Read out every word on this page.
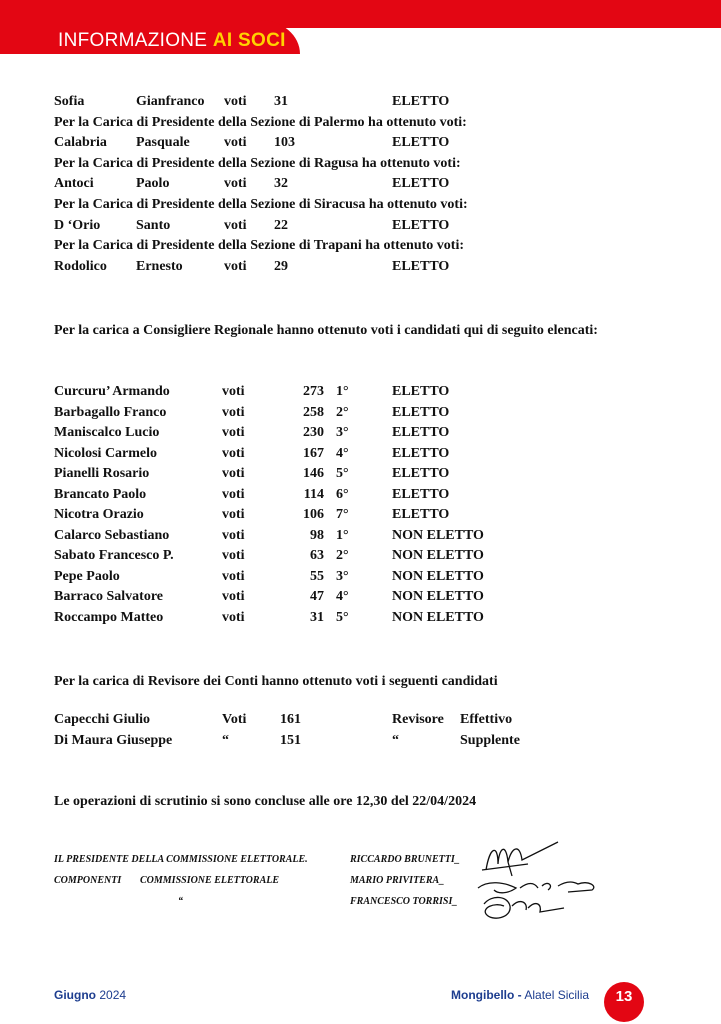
INFORMAZIONE AI SOCI
Sofia	Gianfranco voti 31	ELETTO
Per la Carica di Presidente della Sezione di Palermo ha ottenuto voti:
Calabria Pasquale voti 103	ELETTO
Per la Carica di Presidente della Sezione di Ragusa ha ottenuto voti:
Antoci	Paolo	voti 32	ELETTO
Per la Carica di Presidente della Sezione di Siracusa ha ottenuto voti:
D ‘Orio	Santo	voti 22	ELETTO
Per la Carica di Presidente della Sezione di Trapani ha ottenuto voti:
Rodolico Ernesto	voti 29	ELETTO
Per la carica a Consigliere Regionale hanno ottenuto voti i candidati qui di seguito elencati:
Curcuru’ Armando	voti	273 1°	ELETTO
Barbagallo Franco	voti	258 2°	ELETTO
Maniscalco Lucio	voti	230 3°	ELETTO
Nicolosi Carmelo	voti	167 4°	ELETTO
Pianelli Rosario	voti	146 5°	ELETTO
Brancato Paolo	voti	114 6°	ELETTO
Nicotra Orazio	voti	106 7°	ELETTO
Calarco Sebastiano	voti	98 1°	NON ELETTO
Sabato Francesco P.	voti	63 2°	NON ELETTO
Pepe Paolo	voti	55 3°	NON ELETTO
Barraco Salvatore	voti	47 4°	NON ELETTO
Roccampo Matteo	voti	31 5°	NON ELETTO
Per la carica di Revisore dei Conti hanno ottenuto voti i seguenti candidati
Capecchi Giulio	Voti 161	Revisore Effettivo
Di Maura Giuseppe	“	151	“	Supplente
Le operazioni di scrutinio si sono concluse alle ore 12,30 del 22/04/2024
IL PRESIDENTE DELLA COMMISSIONE ELETTORALE.	RICCARDO BRUNETTI_
COMPONENTI COMMISSIONE ELETTORALE	MARIO PRIVITERA_
“	FRANCESCO TORRISI_
Giugno 2024	Mongibello - Alatel Sicilia	13
